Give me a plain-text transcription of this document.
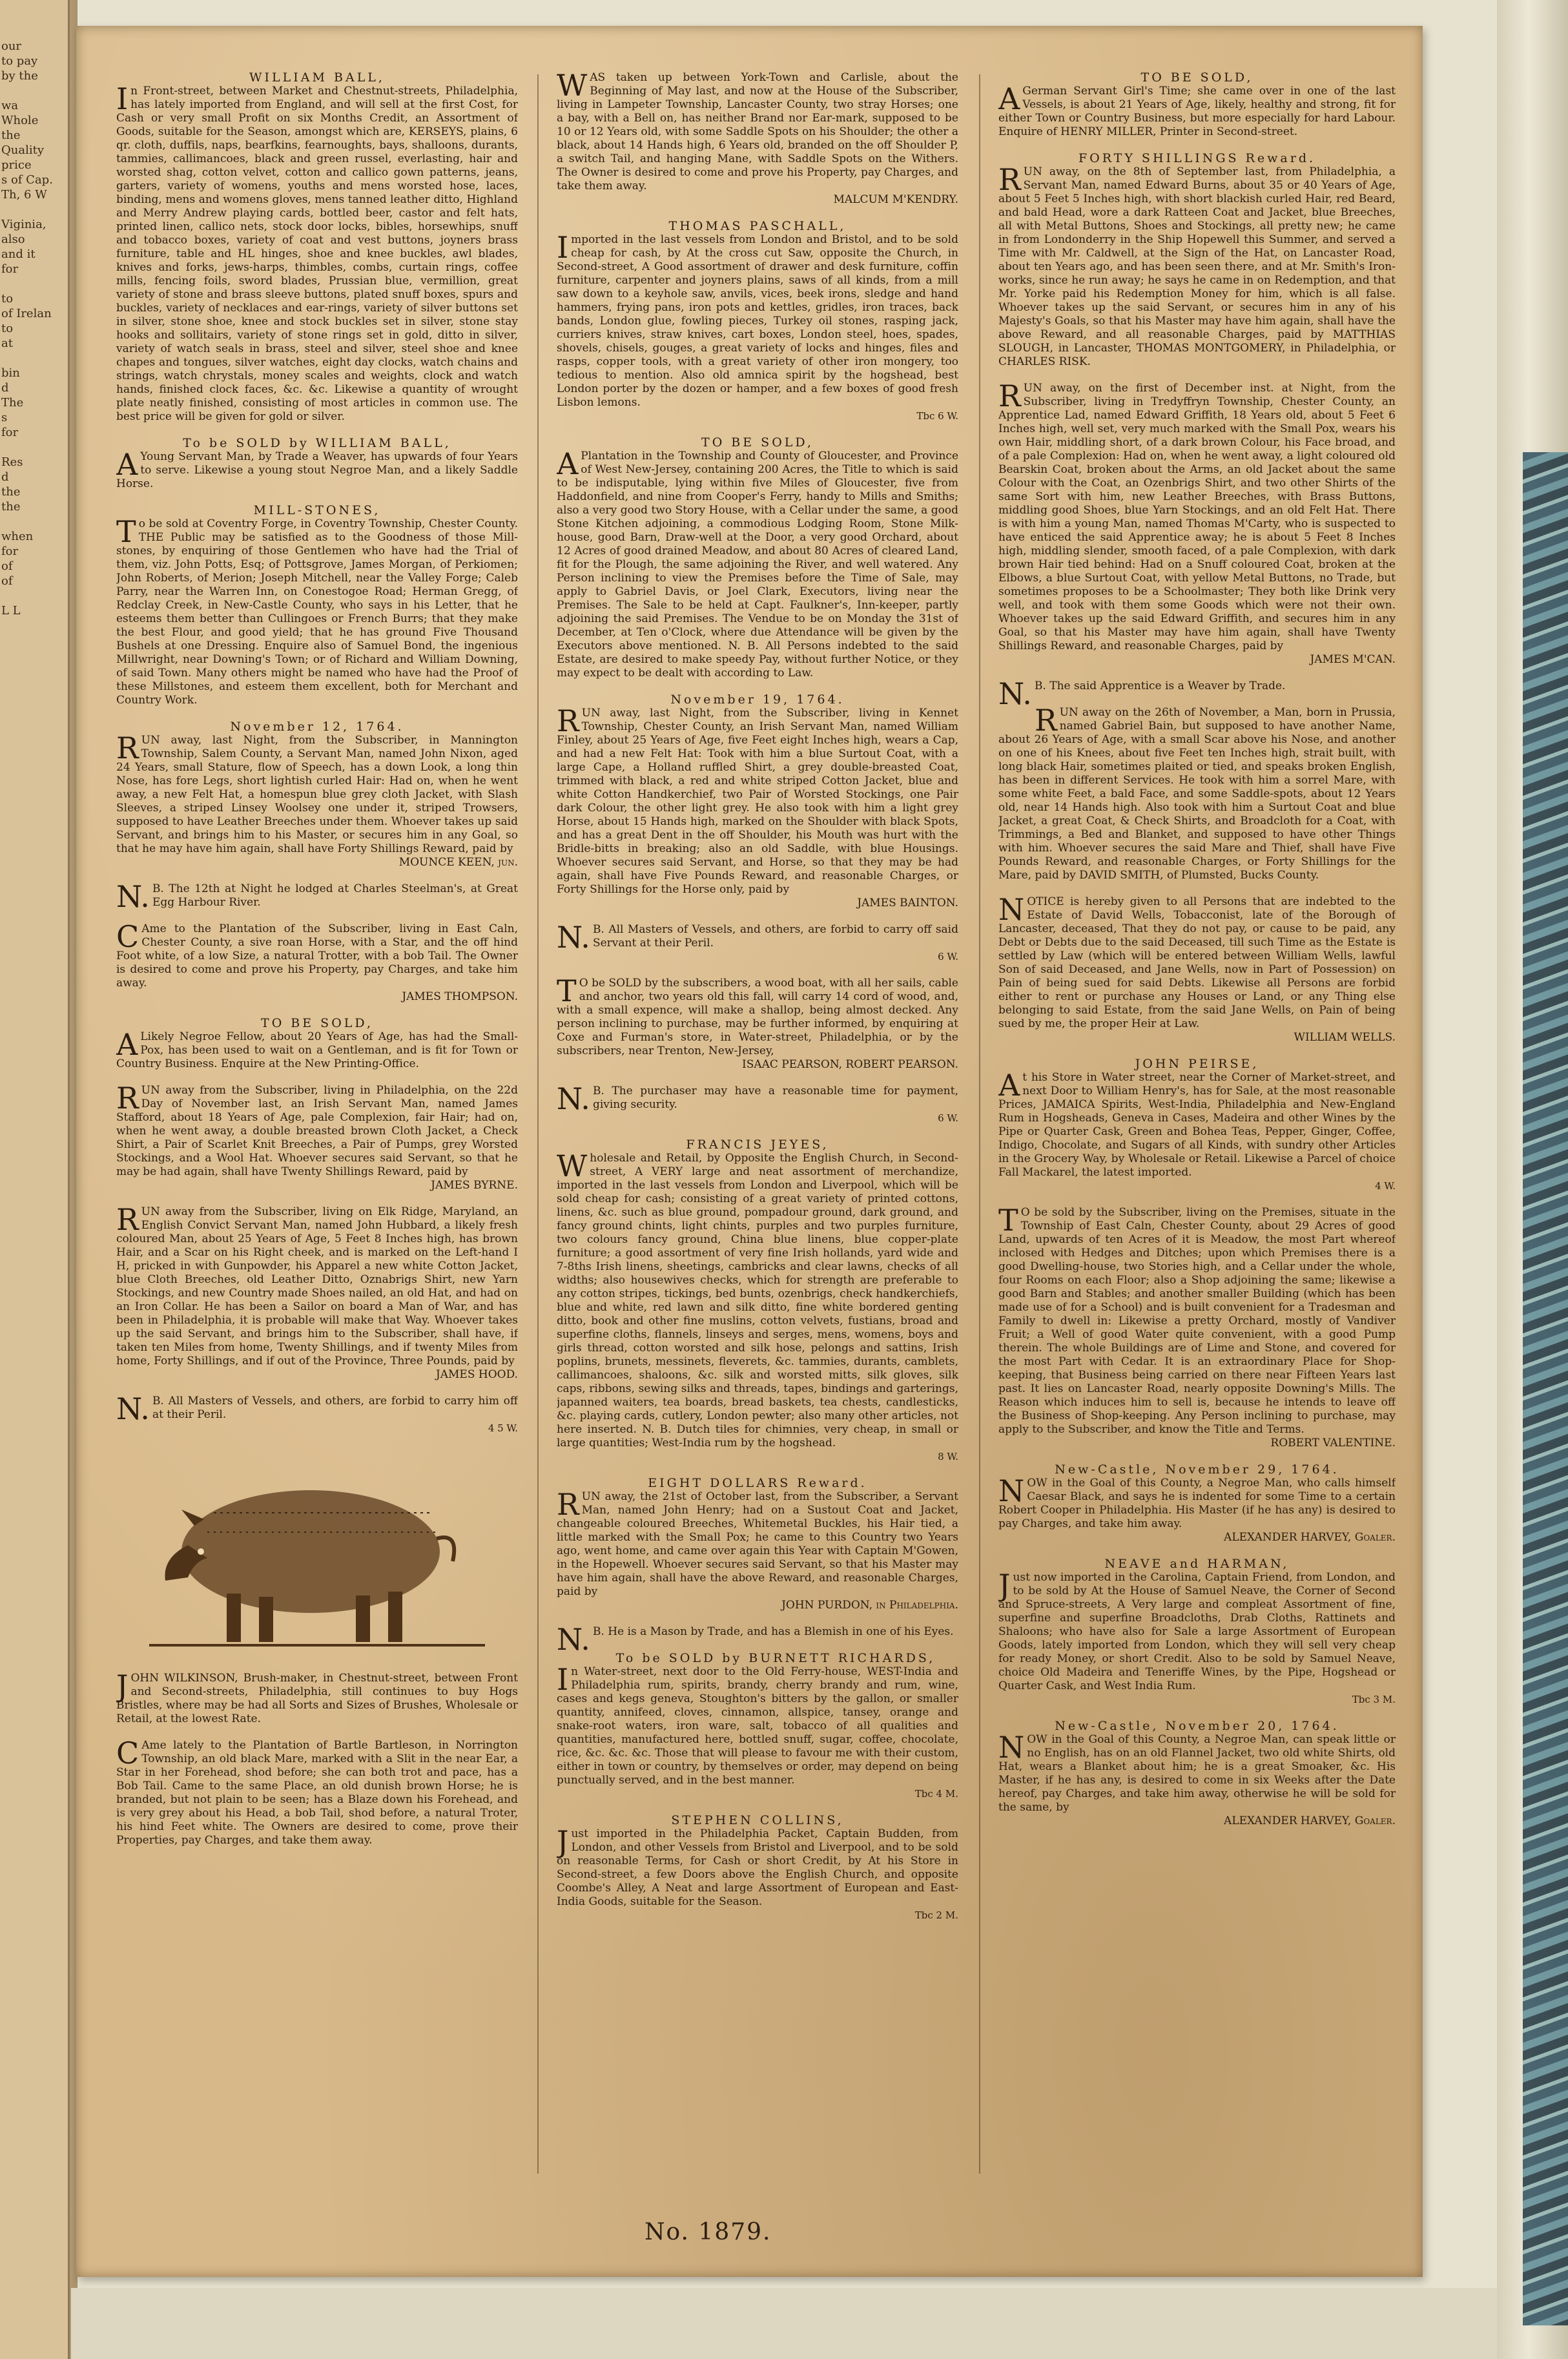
our
to pay
by the

wa
Whole
the Quality
price
s of Cap.
Th, 6 W

Viginia,
also
and it
for

to
of Irelan
to
at

bin
d
The
s
for

Res
d
the
the

when
for
of
of

L L

WILLIAM BALL,

In Front-street, between Market and Chestnut-streets, Philadelphia, has lately imported from England, and will sell at the first Cost, for Cash or very small Profit on six Months Credit, an Assortment of Goods, suitable for the Season, amongst which are, KERSEYS, plains, 6 qr. cloth, duffils, naps, bearfkins, fearnoughts, bays, shalloons, durants, tammies, callimancoes, black and green russel, everlasting, hair and worsted shag, cotton velvet, cotton and callico gown patterns, jeans, garters, variety of womens, youths and mens worsted hose, laces, binding, mens and womens gloves, mens tanned leather ditto, Highland and Merry Andrew playing cards, bottled beer, castor and felt hats, printed linen, callico nets, stock door locks, bibles, horsewhips, snuff and tobacco boxes, variety of coat and vest buttons, joyners brass furniture, table and HL hinges, shoe and knee buckles, awl blades, knives and forks, jews-harps, thimbles, combs, curtain rings, coffee mills, fencing foils, sword blades, Prussian blue, vermillion, great variety of stone and brass sleeve buttons, plated snuff boxes, spurs and buckles, variety of necklaces and ear-rings, variety of silver buttons set in silver, stone shoe, knee and stock buckles set in silver, stone stay hooks and sollitairs, variety of stone rings set in gold, ditto in silver, variety of watch seals in brass, steel and silver, steel shoe and knee chapes and tongues, silver watches, eight day clocks, watch chains and strings, watch chrystals, money scales and weights, clock and watch hands, finished clock faces, &c. &c. Likewise a quantity of wrought plate neatly finished, consisting of most articles in common use. The best price will be given for gold or silver.

To be SOLD by WILLIAM BALL,

AYoung Servant Man, by Trade a Weaver, has upwards of four Years to serve. Likewise a young stout Negroe Man, and a likely Saddle Horse.

MILL-STONES,

To be sold at Coventry Forge, in Coventry Township, Chester County. THE Public may be satisfied as to the Goodness of those Mill-stones, by enquiring of those Gentlemen who have had the Trial of them, viz. John Potts, Esq; of Pottsgrove, James Morgan, of Perkiomen; John Roberts, of Merion; Joseph Mitchell, near the Valley Forge; Caleb Parry, near the Warren Inn, on Conestogoe Road; Herman Gregg, of Redclay Creek, in New-Castle County, who says in his Letter, that he esteems them better than Cullingoes or French Burrs; that they make the best Flour, and good yield; that he has ground Five Thousand Bushels at one Dressing. Enquire also of Samuel Bond, the ingenious Millwright, near Downing's Town; or of Richard and William Downing, of said Town. Many others might be named who have had the Proof of these Millstones, and esteem them excellent, both for Merchant and Country Work.

November 12, 1764.

RUN away, last Night, from the Subscriber, in Mannington Township, Salem County, a Servant Man, named John Nixon, aged 24 Years, small Stature, flow of Speech, has a down Look, a long thin Nose, has fore Legs, short lightish curled Hair: Had on, when he went away, a new Felt Hat, a homespun blue grey cloth Jacket, with Slash Sleeves, a striped Linsey Woolsey one under it, striped Trowsers, supposed to have Leather Breeches under them. Whoever takes up said Servant, and brings him to his Master, or secures him in any Goal, so that he may have him again, shall have Forty Shillings Reward, paid by

MOUNCE KEEN, jun.

N.B. The 12th at Night he lodged at Charles Steelman's, at Great Egg Harbour River.

CAme to the Plantation of the Subscriber, living in East Caln, Chester County, a sive roan Horse, with a Star, and the off hind Foot white, of a low Size, a natural Trotter, with a bob Tail. The Owner is desired to come and prove his Property, pay Charges, and take him away.

JAMES THOMPSON.

TO BE SOLD,

ALikely Negroe Fellow, about 20 Years of Age, has had the Small-Pox, has been used to wait on a Gentleman, and is fit for Town or Country Business. Enquire at the New Printing-Office.

RUN away from the Subscriber, living in Philadelphia, on the 22d Day of November last, an Irish Servant Man, named James Stafford, about 18 Years of Age, pale Complexion, fair Hair; had on, when he went away, a double breasted brown Cloth Jacket, a Check Shirt, a Pair of Scarlet Knit Breeches, a Pair of Pumps, grey Worsted Stockings, and a Wool Hat. Whoever secures said Servant, so that he may be had again, shall have Twenty Shillings Reward, paid by

JAMES BYRNE.

RUN away from the Subscriber, living on Elk Ridge, Maryland, an English Convict Servant Man, named John Hubbard, a likely fresh coloured Man, about 25 Years of Age, 5 Feet 8 Inches high, has brown Hair, and a Scar on his Right cheek, and is marked on the Left-hand I H, pricked in with Gunpowder, his Apparel a new white Cotton Jacket, blue Cloth Breeches, old Leather Ditto, Oznabrigs Shirt, new Yarn Stockings, and new Country made Shoes nailed, an old Hat, and had on an Iron Collar. He has been a Sailor on board a Man of War, and has been in Philadelphia, it is probable will make that Way. Whoever takes up the said Servant, and brings him to the Subscriber, shall have, if taken ten Miles from home, Twenty Shillings, and if twenty Miles from home, Forty Shillings, and if out of the Province, Three Pounds, paid by

JAMES HOOD.

N.B. All Masters of Vessels, and others, are forbid to carry him off at their Peril.

4 5 W.

JOHN WILKINSON, Brush-maker, in Chestnut-street, between Front and Second-streets, Philadelphia, still continues to buy Hogs Bristles, where may be had all Sorts and Sizes of Brushes, Wholesale or Retail, at the lowest Rate.

CAme lately to the Plantation of Bartle Bartleson, in Norrington Township, an old black Mare, marked with a Slit in the near Ear, a Star in her Forehead, shod before; she can both trot and pace, has a Bob Tail. Came to the same Place, an old dunish brown Horse; he is branded, but not plain to be seen; has a Blaze down his Forehead, and is very grey about his Head, a bob Tail, shod before, a natural Troter, his hind Feet white. The Owners are desired to come, prove their Properties, pay Charges, and take them away.

WAS taken up between York-Town and Carlisle, about the Beginning of May last, and now at the House of the Subscriber, living in Lampeter Township, Lancaster County, two stray Horses; one a bay, with a Bell on, has neither Brand nor Ear-mark, supposed to be 10 or 12 Years old, with some Saddle Spots on his Shoulder; the other a black, about 14 Hands high, 6 Years old, branded on the off Shoulder P, a switch Tail, and hanging Mane, with Saddle Spots on the Withers. The Owner is desired to come and prove his Property, pay Charges, and take them away.

MALCUM M'KENDRY.

THOMAS PASCHALL,

Imported in the last vessels from London and Bristol, and to be sold cheap for cash, by At the cross cut Saw, opposite the Church, in Second-street, A Good assortment of drawer and desk furniture, coffin furniture, carpenter and joyners plains, saws of all kinds, from a mill saw down to a keyhole saw, anvils, vices, beek irons, sledge and hand hammers, frying pans, iron pots and kettles, gridles, iron traces, back bands, London glue, fowling pieces, Turkey oil stones, rasping jack, curriers knives, straw knives, cart boxes, London steel, hoes, spades, shovels, chisels, gouges, a great variety of locks and hinges, files and rasps, copper tools, with a great variety of other iron mongery, too tedious to mention. Also old amnica spirit by the hogshead, best London porter by the dozen or hamper, and a few boxes of good fresh Lisbon lemons.

Tbc 6 W.

TO BE SOLD,

APlantation in the Township and County of Gloucester, and Province of West New-Jersey, containing 200 Acres, the Title to which is said to be indisputable, lying within five Miles of Gloucester, five from Haddonfield, and nine from Cooper's Ferry, handy to Mills and Smiths; also a very good two Story House, with a Cellar under the same, a good Stone Kitchen adjoining, a commodious Lodging Room, Stone Milk-house, good Barn, Draw-well at the Door, a very good Orchard, about 12 Acres of good drained Meadow, and about 80 Acres of cleared Land, fit for the Plough, the same adjoining the River, and well watered. Any Person inclining to view the Premises before the Time of Sale, may apply to Gabriel Davis, or Joel Clark, Executors, living near the Premises. The Sale to be held at Capt. Faulkner's, Inn-keeper, partly adjoining the said Premises. The Vendue to be on Monday the 31st of December, at Ten o'Clock, where due Attendance will be given by the Executors above mentioned. N. B. All Persons indebted to the said Estate, are desired to make speedy Pay, without further Notice, or they may expect to be dealt with according to Law.

November 19, 1764.

RUN away, last Night, from the Subscriber, living in Kennet Township, Chester County, an Irish Servant Man, named William Finley, about 25 Years of Age, five Feet eight Inches high, wears a Cap, and had a new Felt Hat: Took with him a blue Surtout Coat, with a large Cape, a Holland ruffled Shirt, a grey double-breasted Coat, trimmed with black, a red and white striped Cotton Jacket, blue and white Cotton Handkerchief, two Pair of Worsted Stockings, one Pair dark Colour, the other light grey. He also took with him a light grey Horse, about 15 Hands high, marked on the Shoulder with black Spots, and has a great Dent in the off Shoulder, his Mouth was hurt with the Bridle-bitts in breaking; also an old Saddle, with blue Housings. Whoever secures said Servant, and Horse, so that they may be had again, shall have Five Pounds Reward, and reasonable Charges, or Forty Shillings for the Horse only, paid by

JAMES BAINTON.

N.B. All Masters of Vessels, and others, are forbid to carry off said Servant at their Peril.

6 W.

TO be SOLD by the subscribers, a wood boat, with all her sails, cable and anchor, two years old this fall, will carry 14 cord of wood, and, with a small expence, will make a shallop, being almost decked. Any person inclining to purchase, may be further informed, by enquiring at Coxe and Furman's store, in Water-street, Philadelphia, or by the subscribers, near Trenton, New-Jersey,

ISAAC PEARSON, ROBERT PEARSON.

N.B. The purchaser may have a reasonable time for payment, giving security.

6 W.

FRANCIS JEYES,

Wholesale and Retail, by Opposite the English Church, in Second-street, A VERY large and neat assortment of merchandize, imported in the last vessels from London and Liverpool, which will be sold cheap for cash; consisting of a great variety of printed cottons, linens, &c. such as blue ground, pompadour ground, dark ground, and fancy ground chints, light chints, purples and two purples furniture, two colours fancy ground, China blue linens, blue copper-plate furniture; a good assortment of very fine Irish hollands, yard wide and 7-8ths Irish linens, sheetings, cambricks and clear lawns, checks of all widths; also housewives checks, which for strength are preferable to any cotton stripes, tickings, bed bunts, ozenbrigs, check handkerchiefs, blue and white, red lawn and silk ditto, fine white bordered genting ditto, book and other fine muslins, cotton velvets, fustians, broad and superfine cloths, flannels, linseys and serges, mens, womens, boys and girls thread, cotton worsted and silk hose, pelongs and sattins, Irish poplins, brunets, messinets, fleverets, &c. tammies, durants, camblets, callimancoes, shaloons, &c. silk and worsted mitts, silk gloves, silk caps, ribbons, sewing silks and threads, tapes, bindings and garterings, japanned waiters, tea boards, bread baskets, tea chests, candlesticks, &c. playing cards, cutlery, London pewter; also many other articles, not here inserted. N. B. Dutch tiles for chimnies, very cheap, in small or large quantities; West-India rum by the hogshead.

8 W.

EIGHT DOLLARS Reward.

RUN away, the 21st of October last, from the Subscriber, a Servant Man, named John Henry; had on a Sustout Coat and Jacket, changeable coloured Breeches, Whitemetal Buckles, his Hair tied, a little marked with the Small Pox; he came to this Country two Years ago, went home, and came over again this Year with Captain M'Gowen, in the Hopewell. Whoever secures said Servant, so that his Master may have him again, shall have the above Reward, and reasonable Charges, paid by

JOHN PURDON, in Philadelphia.

N.B. He is a Mason by Trade, and has a Blemish in one of his Eyes.

To be SOLD by BURNETT RICHARDS,

In Water-street, next door to the Old Ferry-house, WEST-India and Philadelphia rum, spirits, brandy, cherry brandy and rum, wine, cases and kegs geneva, Stoughton's bitters by the gallon, or smaller quantity, annifeed, cloves, cinnamon, allspice, tansey, orange and snake-root waters, iron ware, salt, tobacco of all qualities and quantities, manufactured here, bottled snuff, sugar, coffee, chocolate, rice, &c. &c. &c. Those that will please to favour me with their custom, either in town or country, by themselves or order, may depend on being punctually served, and in the best manner.

Tbc 4 M.

STEPHEN COLLINS,

Just imported in the Philadelphia Packet, Captain Budden, from London, and other Vessels from Bristol and Liverpool, and to be sold on reasonable Terms, for Cash or short Credit, by At his Store in Second-street, a few Doors above the English Church, and opposite Coombe's Alley, A Neat and large Assortment of European and East-India Goods, suitable for the Season.

Tbc 2 M.

TO BE SOLD,

AGerman Servant Girl's Time; she came over in one of the last Vessels, is about 21 Years of Age, likely, healthy and strong, fit for either Town or Country Business, but more especially for hard Labour. Enquire of HENRY MILLER, Printer in Second-street.

FORTY SHILLINGS Reward.

RUN away, on the 8th of September last, from Philadelphia, a Servant Man, named Edward Burns, about 35 or 40 Years of Age, about 5 Feet 5 Inches high, with short blackish curled Hair, red Beard, and bald Head, wore a dark Ratteen Coat and Jacket, blue Breeches, all with Metal Buttons, Shoes and Stockings, all pretty new; he came in from Londonderry in the Ship Hopewell this Summer, and served a Time with Mr. Caldwell, at the Sign of the Hat, on Lancaster Road, about ten Years ago, and has been seen there, and at Mr. Smith's Iron-works, since he run away; he says he came in on Redemption, and that Mr. Yorke paid his Redemption Money for him, which is all false. Whoever takes up the said Servant, or secures him in any of his Majesty's Goals, so that his Master may have him again, shall have the above Reward, and all reasonable Charges, paid by MATTHIAS SLOUGH, in Lancaster, THOMAS MONTGOMERY, in Philadelphia, or CHARLES RISK.

RUN away, on the first of December inst. at Night, from the Subscriber, living in Tredyffryn Township, Chester County, an Apprentice Lad, named Edward Griffith, 18 Years old, about 5 Feet 6 Inches high, well set, very much marked with the Small Pox, wears his own Hair, middling short, of a dark brown Colour, his Face broad, and of a pale Complexion: Had on, when he went away, a light coloured old Bearskin Coat, broken about the Arms, an old Jacket about the same Colour with the Coat, an Ozenbrigs Shirt, and two other Shirts of the same Sort with him, new Leather Breeches, with Brass Buttons, middling good Shoes, blue Yarn Stockings, and an old Felt Hat. There is with him a young Man, named Thomas M'Carty, who is suspected to have enticed the said Apprentice away; he is about 5 Feet 8 Inches high, middling slender, smooth faced, of a pale Complexion, with dark brown Hair tied behind: Had on a Snuff coloured Coat, broken at the Elbows, a blue Surtout Coat, with yellow Metal Buttons, no Trade, but sometimes proposes to be a Schoolmaster; They both like Drink very well, and took with them some Goods which were not their own. Whoever takes up the said Edward Griffith, and secures him in any Goal, so that his Master may have him again, shall have Twenty Shillings Reward, and reasonable Charges, paid by

JAMES M'CAN.

N.B. The said Apprentice is a Weaver by Trade.

RUN away on the 26th of November, a Man, born in Prussia, named Gabriel Bain, but supposed to have another Name, about 26 Years of Age, with a small Scar above his Nose, and another on one of his Knees, about five Feet ten Inches high, strait built, with long black Hair, sometimes plaited or tied, and speaks broken English, has been in different Services. He took with him a sorrel Mare, with some white Feet, a bald Face, and some Saddle-spots, about 12 Years old, near 14 Hands high. Also took with him a Surtout Coat and blue Jacket, a great Coat, & Check Shirts, and Broadcloth for a Coat, with Trimmings, a Bed and Blanket, and supposed to have other Things with him. Whoever secures the said Mare and Thief, shall have Five Pounds Reward, and reasonable Charges, or Forty Shillings for the Mare, paid by DAVID SMITH, of Plumsted, Bucks County.

NOTICE is hereby given to all Persons that are indebted to the Estate of David Wells, Tobacconist, late of the Borough of Lancaster, deceased, That they do not pay, or cause to be paid, any Debt or Debts due to the said Deceased, till such Time as the Estate is settled by Law (which will be entered between William Wells, lawful Son of said Deceased, and Jane Wells, now in Part of Possession) on Pain of being sued for said Debts. Likewise all Persons are forbid either to rent or purchase any Houses or Land, or any Thing else belonging to said Estate, from the said Jane Wells, on Pain of being sued by me, the proper Heir at Law.

WILLIAM WELLS.

JOHN PEIRSE,

At his Store in Water street, near the Corner of Market-street, and next Door to William Henry's, has for Sale, at the most reasonable Prices, JAMAICA Spirits, West-India, Philadelphia and New-England Rum in Hogsheads, Geneva in Cases, Madeira and other Wines by the Pipe or Quarter Cask, Green and Bohea Teas, Pepper, Ginger, Coffee, Indigo, Chocolate, and Sugars of all Kinds, with sundry other Articles in the Grocery Way, by Wholesale or Retail. Likewise a Parcel of choice Fall Mackarel, the latest imported.

4 W.

TO be sold by the Subscriber, living on the Premises, situate in the Township of East Caln, Chester County, about 29 Acres of good Land, upwards of ten Acres of it is Meadow, the most Part whereof inclosed with Hedges and Ditches; upon which Premises there is a good Dwelling-house, two Stories high, and a Cellar under the whole, four Rooms on each Floor; also a Shop adjoining the same; likewise a good Barn and Stables; and another smaller Building (which has been made use of for a School) and is built convenient for a Tradesman and Family to dwell in: Likewise a pretty Orchard, mostly of Vandiver Fruit; a Well of good Water quite convenient, with a good Pump therein. The whole Buildings are of Lime and Stone, and covered for the most Part with Cedar. It is an extraordinary Place for Shop-keeping, that Business being carried on there near Fifteen Years last past. It lies on Lancaster Road, nearly opposite Downing's Mills. The Reason which induces him to sell is, because he intends to leave off the Business of Shop-keeping. Any Person inclining to purchase, may apply to the Subscriber, and know the Title and Terms.

ROBERT VALENTINE.

New-Castle, November 29, 1764.

NOW in the Goal of this County, a Negroe Man, who calls himself Caesar Black, and says he is indented for some Time to a certain Robert Cooper in Philadelphia. His Master (if he has any) is desired to pay Charges, and take him away.

ALEXANDER HARVEY, Goaler.

NEAVE and HARMAN,

Just now imported in the Carolina, Captain Friend, from London, and to be sold by At the House of Samuel Neave, the Corner of Second and Spruce-streets, A Very large and compleat Assortment of fine, superfine and superfine Broadcloths, Drab Cloths, Rattinets and Shaloons; who have also for Sale a large Assortment of European Goods, lately imported from London, which they will sell very cheap for ready Money, or short Credit. Also to be sold by Samuel Neave, choice Old Madeira and Teneriffe Wines, by the Pipe, Hogshead or Quarter Cask, and West India Rum.

Tbc 3 M.

New-Castle, November 20, 1764.

NOW in the Goal of this County, a Negroe Man, can speak little or no English, has on an old Flannel Jacket, two old white Shirts, old Hat, wears a Blanket about him; he is a great Smoaker, &c. His Master, if he has any, is desired to come in six Weeks after the Date hereof, pay Charges, and take him away, otherwise he will be sold for the same, by

ALEXANDER HARVEY, Goaler.

No. 1879.
